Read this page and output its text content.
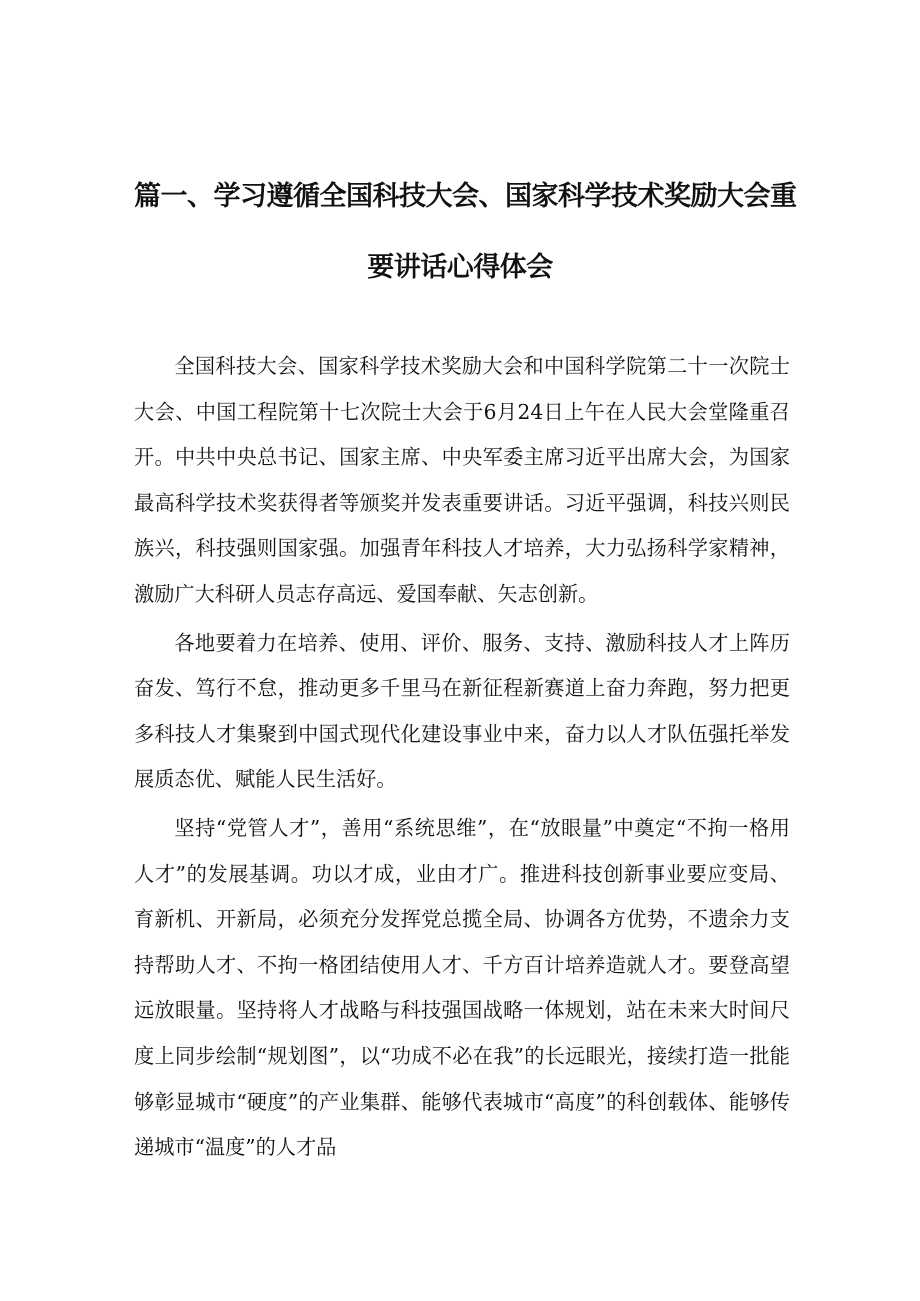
篇一、学习遵循全国科技大会、国家科学技术奖励大会重
要讲话心得体会

全国科技大会、国家科学技术奖励大会和中国科学院第二十一次院士大会、中国工程院第十七次院士大会于6月24日上午在人民大会堂隆重召开。中共中央总书记、国家主席、中央军委主席习近平出席大会，为国家最高科学技术奖获得者等颁奖并发表重要讲话。习近平强调，科技兴则民族兴，科技强则国家强。加强青年科技人才培养，大力弘扬科学家精神，激励广大科研人员志存高远、爱国奉献、矢志创新。

各地要着力在培养、使用、评价、服务、支持、激励科技人才上阵历奋发、笃行不怠，推动更多千里马在新征程新赛道上奋力奔跑，努力把更多科技人才集聚到中国式现代化建设事业中来，奋力以人才队伍强托举发展质态优、赋能人民生活好。

坚持“党管人才”，善用“系统思维”，在“放眼量”中奠定“不拘一格用人才”的发展基调。功以才成，业由才广。推进科技创新事业要应变局、育新机、开新局，必须充分发挥党总揽全局、协调各方优势，不遗余力支持帮助人才、不拘一格团结使用人才、千方百计培养造就人才。要登高望远放眼量。坚持将人才战略与科技强国战略一体规划，站在未来大时间尺度上同步绘制“规划图”，以“功成不必在我”的长远眼光，接续打造一批能够彰显城市“硬度”的产业集群、能够代表城市“高度”的科创载体、能够传递城市“温度”的人才品
